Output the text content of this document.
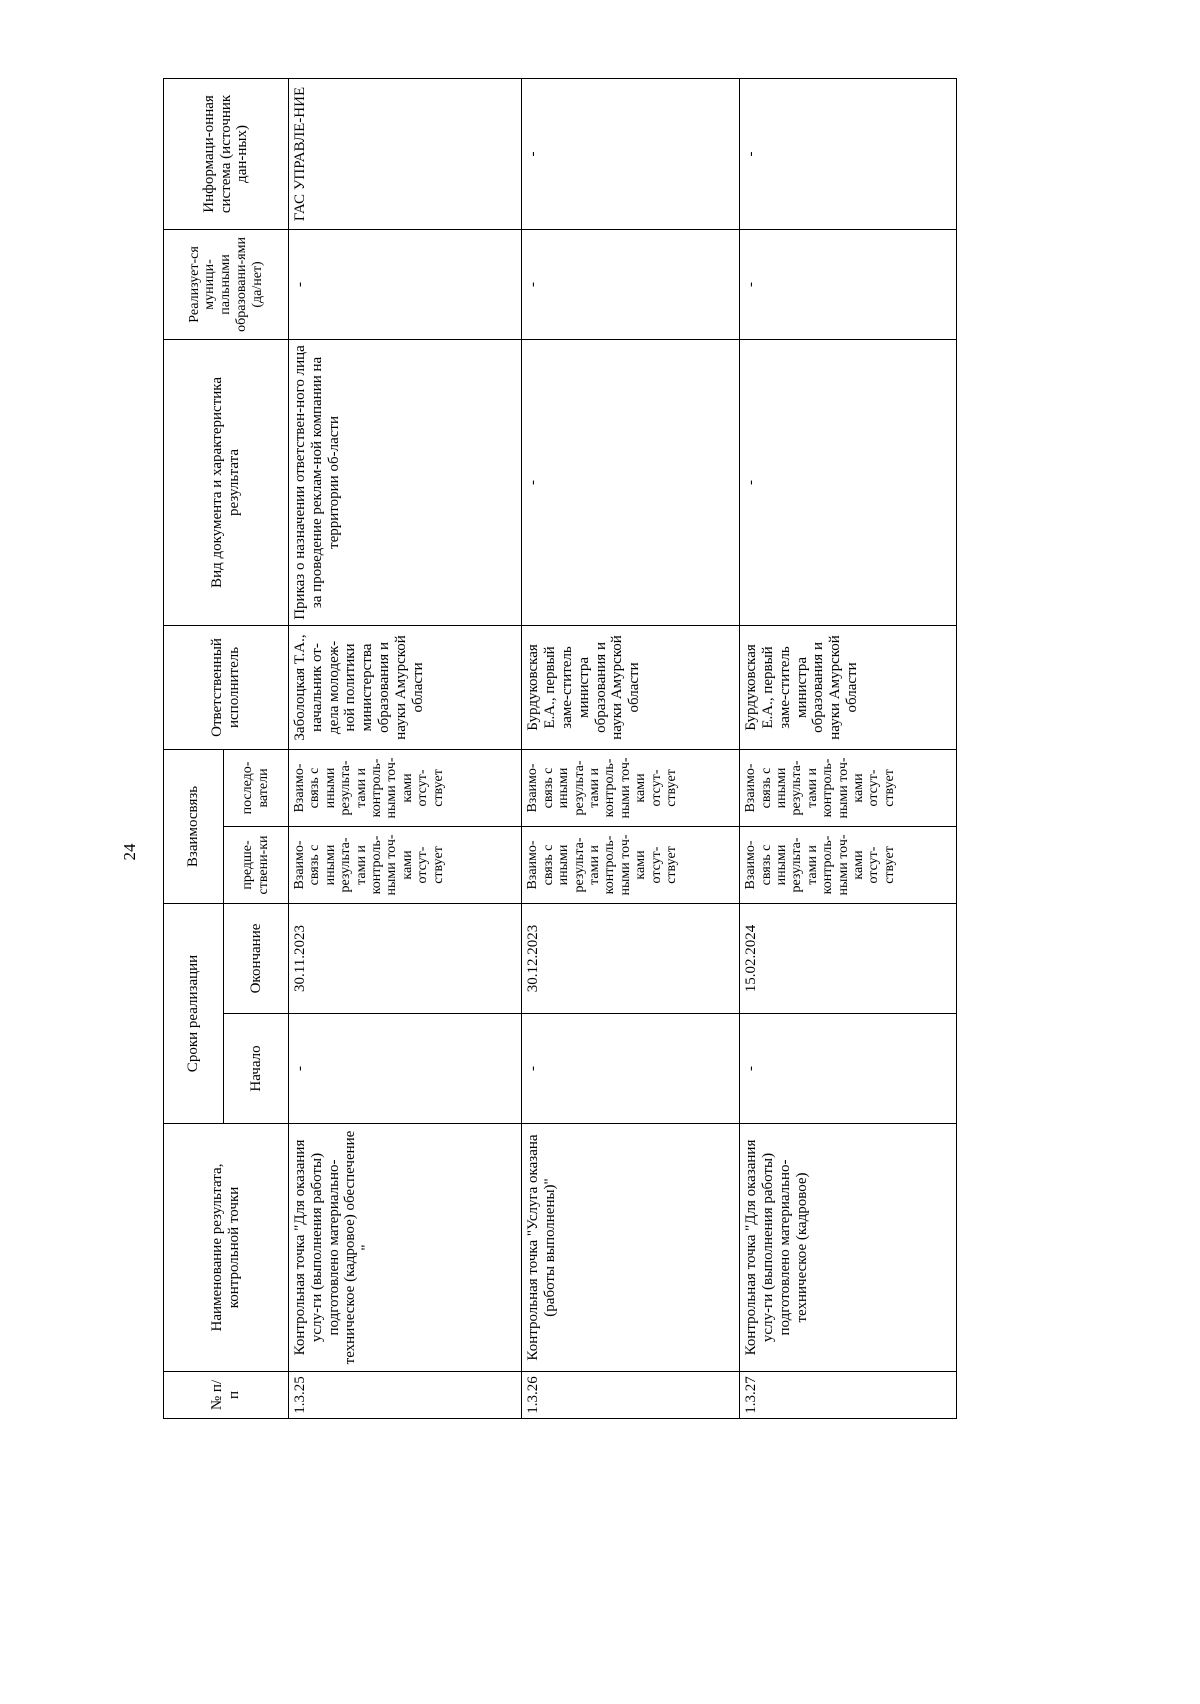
24
№ п/п	Наименование результата, контрольной точки	Сроки реализации		Взаимосвязь		Ответственный исполнитель	Вид документа и характеристика результата	Реализует-ся муници-пальными образовани-ями (да/нет)	Информаци-онная система (источник дан-ных)
		Начало	Окончание	предше-ствени-ки	последо-ватели				
1.3.25	Контрольная точка "Для оказания услу-ги (выполнения работы) подготовлено материально- техническое (кадровое) обеспечение "	-	30.11.2023	Взаимо-связь с иными результа-тами и контроль-ными точ-ками отсут-ствует	Взаимо-связь с иными результа-тами и контроль-ными точ-ками отсут-ствует	Заболоцкая Т.А., начальник от-дела молодеж-ной политики министерства образования и науки Амурской области	Приказ о назначении ответствен-ного лица за проведение реклам-ной компании на территории об-ласти	-	ГАС УПРАВЛЕ-НИЕ
1.3.26	Контрольная точка "Услуга оказана (работы выполнены)"	-	30.12.2023	Взаимо-связь с иными результа-тами и контроль-ными точ-ками отсут-ствует	Взаимо-связь с иными результа-тами и контроль-ными точ-ками отсут-ствует	Бурдуковская Е.А., первый заме-ститель министра образования и науки Амурской области	-	-	-
1.3.27	Контрольная точка "Для оказания услу-ги (выполнения работы) подготовлено материально- техническое (кадровое)	-	15.02.2024	Взаимо-связь с иными результа-тами и контроль-ными точ-ками отсут-ствует	Взаимо-связь с иными результа-тами и контроль-ными точ-ками отсут-ствует	Бурдуковская Е.А., первый заме-ститель министра образования и науки Амурской области	-	-	-
